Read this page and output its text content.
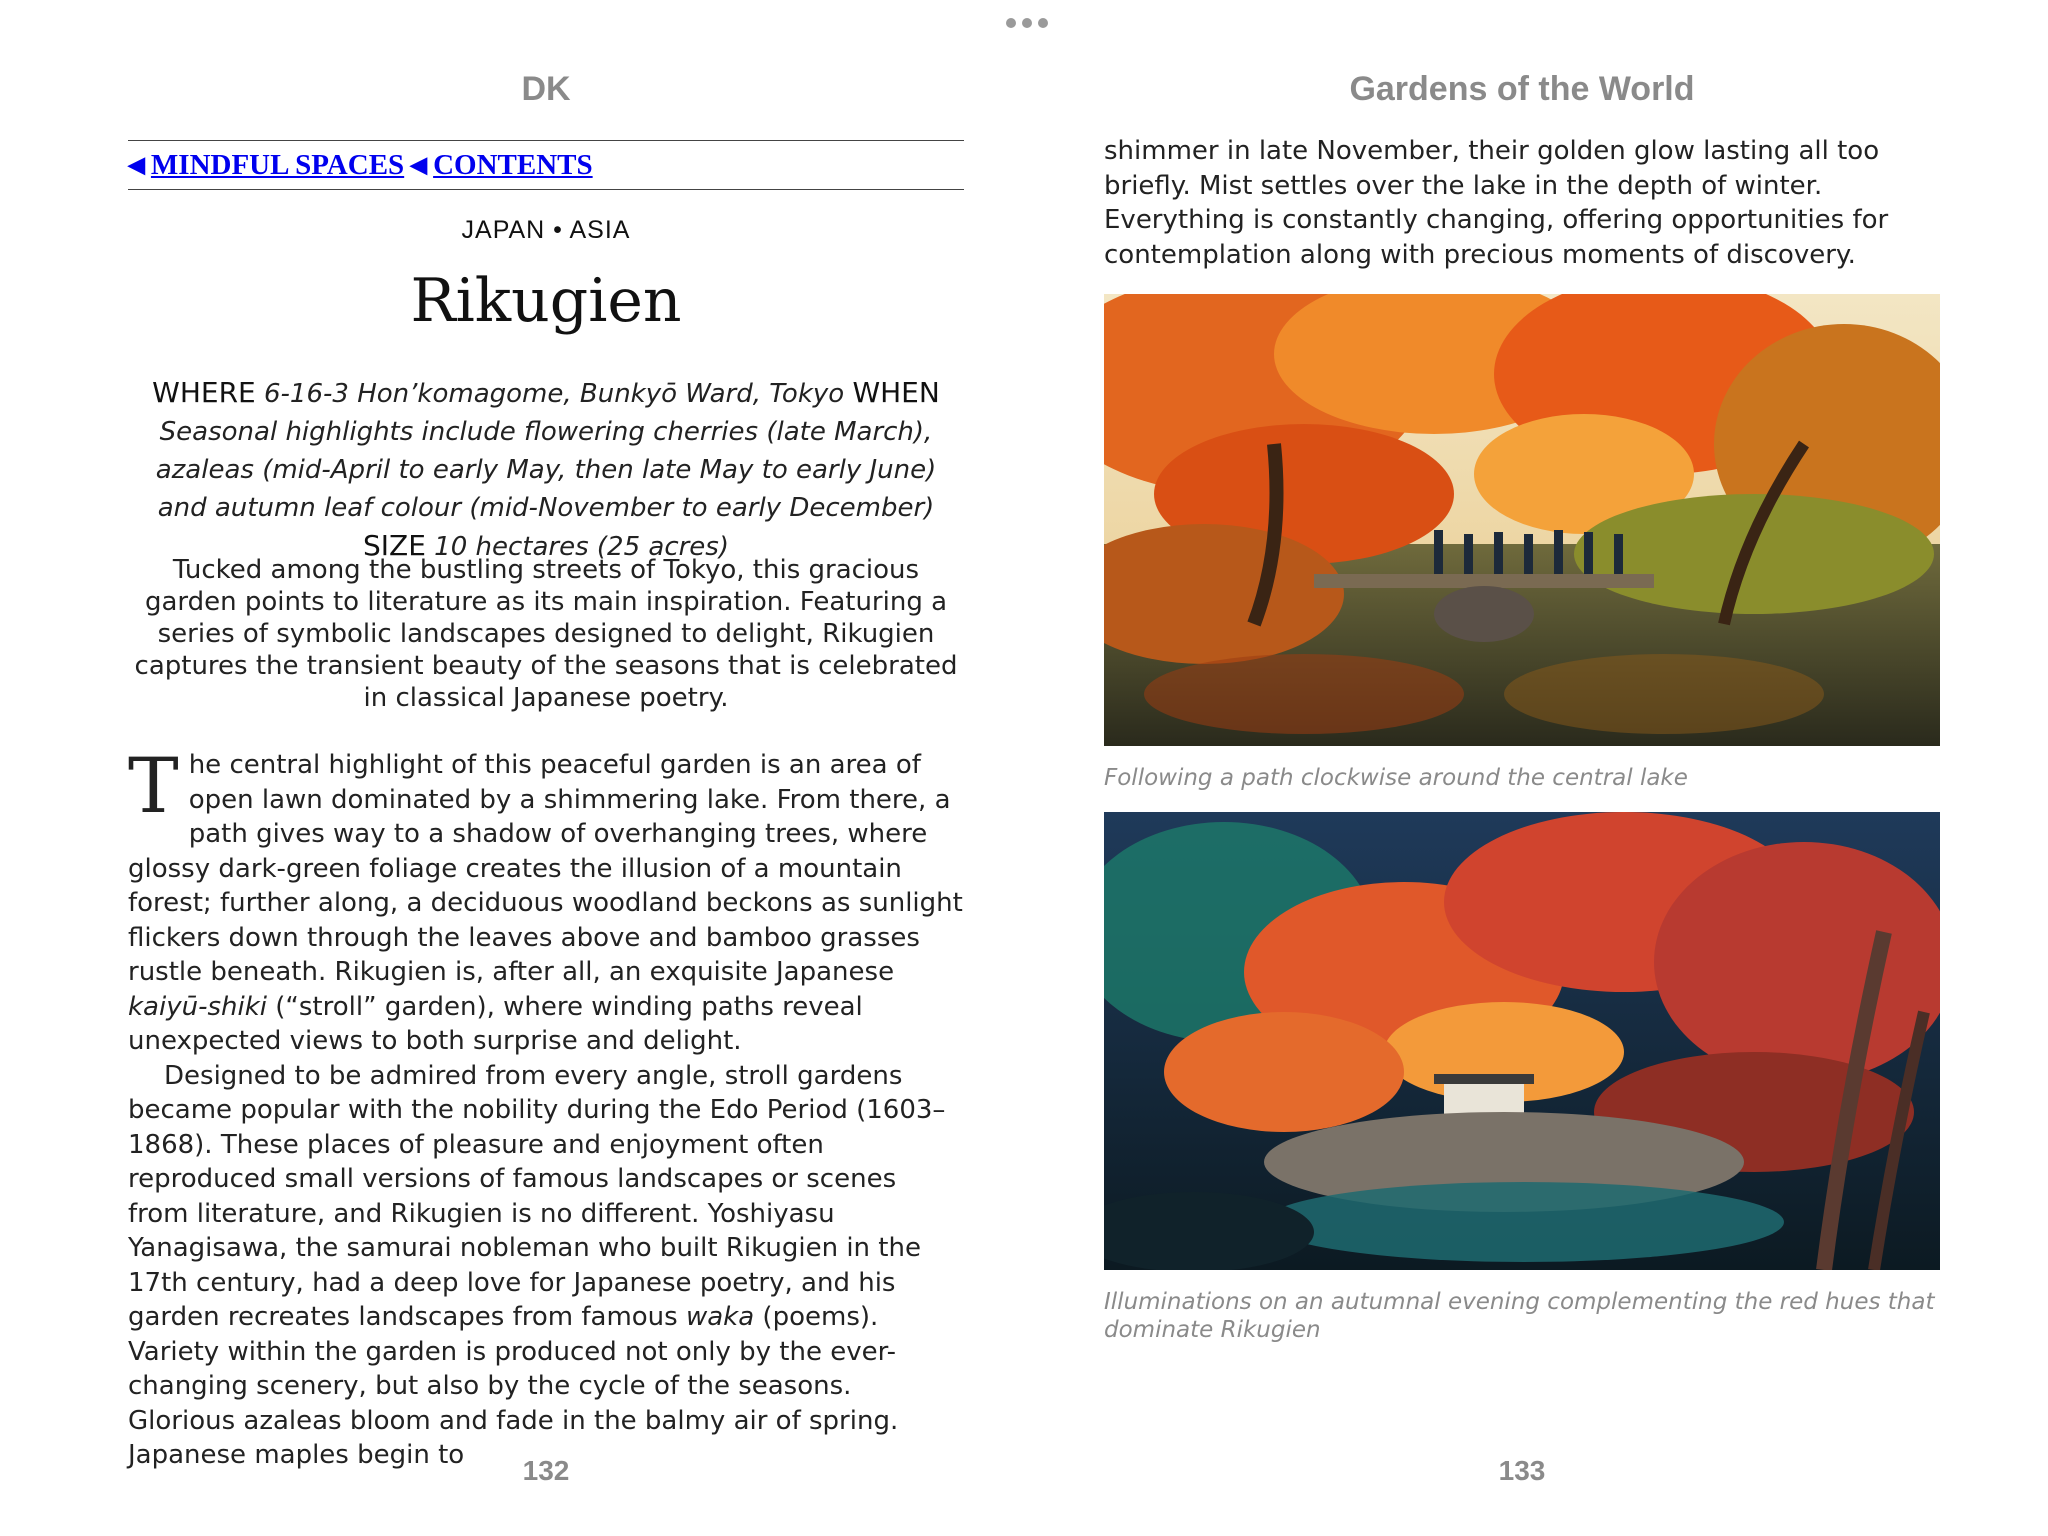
DK
◀ MINDFUL SPACES ◀ CONTENTS
JAPAN • ASIA
Rikugien
WHERE 6-16-3 Hon’komagome, Bunkyō Ward, Tokyo WHEN Seasonal highlights include flowering cherries (late March), azaleas (mid-April to early May, then late May to early June) and autumn leaf colour (mid-November to early December) SIZE 10 hectares (25 acres)
Tucked among the bustling streets of Tokyo, this gracious garden points to literature as its main inspiration. Featuring a series of symbolic landscapes designed to delight, Rikugien captures the transient beauty of the seasons that is celebrated in classical Japanese poetry.

The central highlight of this peaceful garden is an area of open lawn dominated by a shimmering lake. From there, a path gives way to a shadow of overhanging trees, where glossy dark-green foliage creates the illusion of a mountain forest; further along, a deciduous woodland beckons as sunlight flickers down through the leaves above and bamboo grasses rustle beneath. Rikugien is, after all, an exquisite Japanese kaiyū-shiki (“stroll” garden), where winding paths reveal unexpected views to both surprise and delight.

Designed to be admired from every angle, stroll gardens became popular with the nobility during the Edo Period (1603–1868). These places of pleasure and enjoyment often reproduced small versions of famous landscapes or scenes from literature, and Rikugien is no different. Yoshiyasu Yanagisawa, the samurai nobleman who built Rikugien in the 17th century, had a deep love for Japanese poetry, and his garden recreates landscapes from famous waka (poems). Variety within the garden is produced not only by the ever-changing scenery, but also by the cycle of the seasons. Glorious azaleas bloom and fade in the balmy air of spring. Japanese maples begin to	132
Gardens of the World
shimmer in late November, their golden glow lasting all too briefly. Mist settles over the lake in the depth of winter. Everything is constantly changing, offering opportunities for contemplation along with precious moments of discovery.
Following a path clockwise around the central lake
Illuminations on an autumnal evening complementing the red hues that dominate Rikugien
133
